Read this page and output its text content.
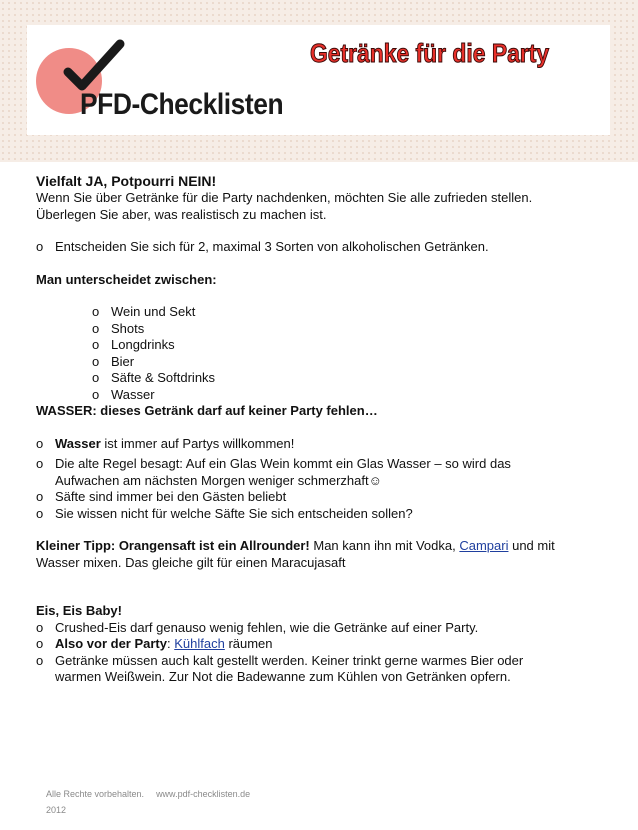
PFD-Checklisten
Getränke für die Party

Vielfalt JA, Potpourri NEIN!

Wenn Sie über Getränke für die Party nachdenken, möchten Sie alle zufrieden stellen.

Überlegen Sie aber, was realistisch zu machen ist.

o Entscheiden Sie sich für 2, maximal 3 Sorten von alkoholischen Getränken.

Man unterscheidet zwischen:

o Wein und Sekt

o Shots

o Longdrinks

o Bier

o Säfte & Softdrinks

o Wasser

WASSER: dieses Getränk darf auf keiner Party fehlen…

o Wasser ist immer auf Partys willkommen!

o Die alte Regel besagt: Auf ein Glas Wein kommt ein Glas Wasser – so wird das
Aufwachen am nächsten Morgen weniger schmerzhaft☺

o Säfte sind immer bei den Gästen beliebt

o Sie wissen nicht für welche Säfte Sie sich entscheiden sollen?

Kleiner Tipp: Orangensaft ist ein Allrounder! Man kann ihn mit Vodka, Campari und mit
Wasser mixen. Das gleiche gilt für einen Maracujasaft

Eis, Eis Baby!

o Crushed-Eis darf genauso wenig fehlen, wie die Getränke auf einer Party.

o Also vor der Party: Kühlfach räumen

o Getränke müssen auch kalt gestellt werden. Keiner trinkt gerne warmes Bier oder
warmen Weißwein. Zur Not die Badewanne zum Kühlen von Getränken opfern.

Alle Rechte vorbehalten. www.pdf-checklisten.de
2012
